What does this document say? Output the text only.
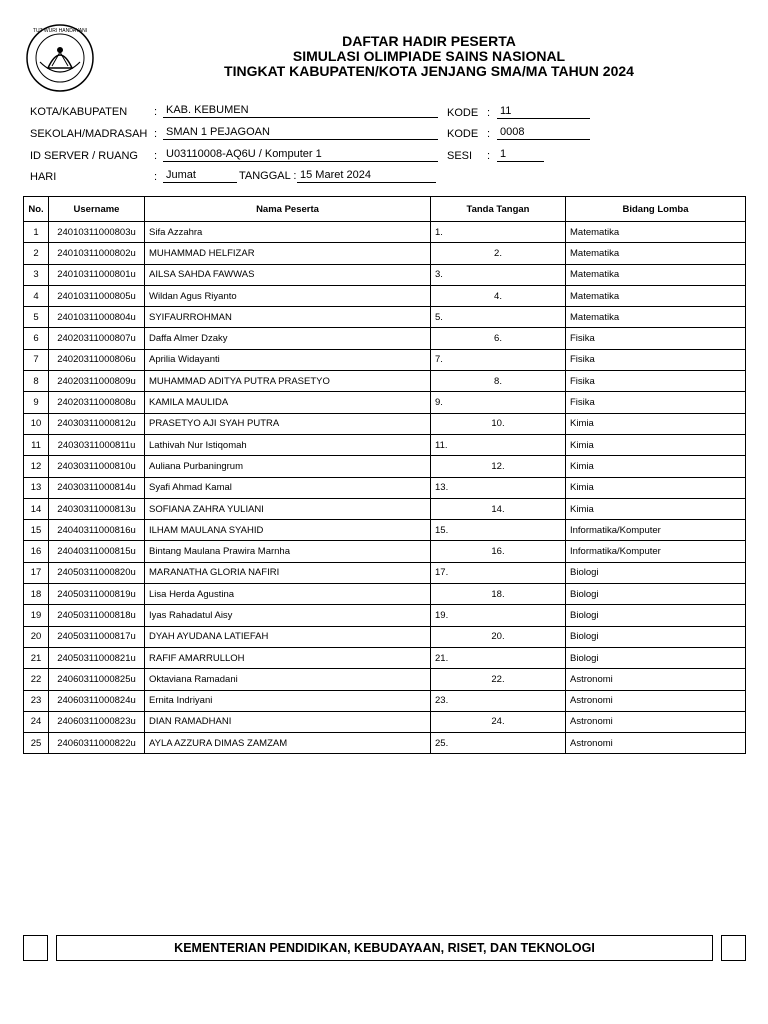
TUT WURI HANDAYANI
DAFTAR HADIR PESERTA
SIMULASI OLIMPIADE SAINS NASIONAL
TINGKAT KABUPATEN/KOTA JENJANG SMA/MA TAHUN 2024
KOTA/KABUPATEN : KAB. KEBUMEN
SEKOLAH/MADRASAH : SMAN 1 PEJAGOAN
ID SERVER / RUANG : U03110008-AQ6U / Komputer 1
HARI	: Jumat	TANGGAL : 15 Maret 2024
KODE : 11
KODE : 0008
SESI : 1
No.	Username	Nama Peserta	Tanda Tangan	Bidang Lomba
1	24010311000803u	Sifa Azzahra	1.	Matematika
2	24010311000802u	MUHAMMAD HELFIZAR	2.	Matematika
3	24010311000801u	AILSA SAHDA FAWWAS	3.	Matematika
4	24010311000805u	Wildan Agus Riyanto	4.	Matematika
5	24010311000804u	SYIFAURROHMAN	5.	Matematika
6	24020311000807u	Daffa Almer Dzaky	6.	Fisika
7	24020311000806u	Aprilia Widayanti	7.	Fisika
8	24020311000809u	MUHAMMAD ADITYA PUTRA PRASETYO	8.	Fisika
9	24020311000808u	KAMILA MAULIDA	9.	Fisika
10	24030311000812u	PRASETYO AJI SYAH PUTRA	10.	Kimia
11	24030311000811u	Lathivah Nur Istiqomah	11.	Kimia
12	24030311000810u	Auliana Purbaningrum	12.	Kimia
13	24030311000814u	Syafi Ahmad Kamal	13.	Kimia
14	24030311000813u	SOFIANA ZAHRA YULIANI	14.	Kimia
15	24040311000816u	ILHAM MAULANA SYAHID	15.	Informatika/Komputer
16	24040311000815u	Bintang Maulana Prawira Marnha	16.	Informatika/Komputer
17	24050311000820u	MARANATHA GLORIA NAFIRI	17.	Biologi
18	24050311000819u	Lisa Herda Agustina	18.	Biologi
19	24050311000818u	Iyas Rahadatul Aisy	19.	Biologi
20	24050311000817u	DYAH AYUDANA LATIEFAH	20.	Biologi
21	24050311000821u	RAFIF AMARRULLOH	21.	Biologi
22	24060311000825u	Oktaviana Ramadani	22.	Astronomi
23	24060311000824u	Ernita Indriyani	23.	Astronomi
24	24060311000823u	DIAN RAMADHANI	24.	Astronomi
25	24060311000822u	AYLA AZZURA DIMAS ZAMZAM	25.	Astronomi
KEMENTERIAN PENDIDIKAN, KEBUDAYAAN, RISET, DAN TEKNOLOGI
